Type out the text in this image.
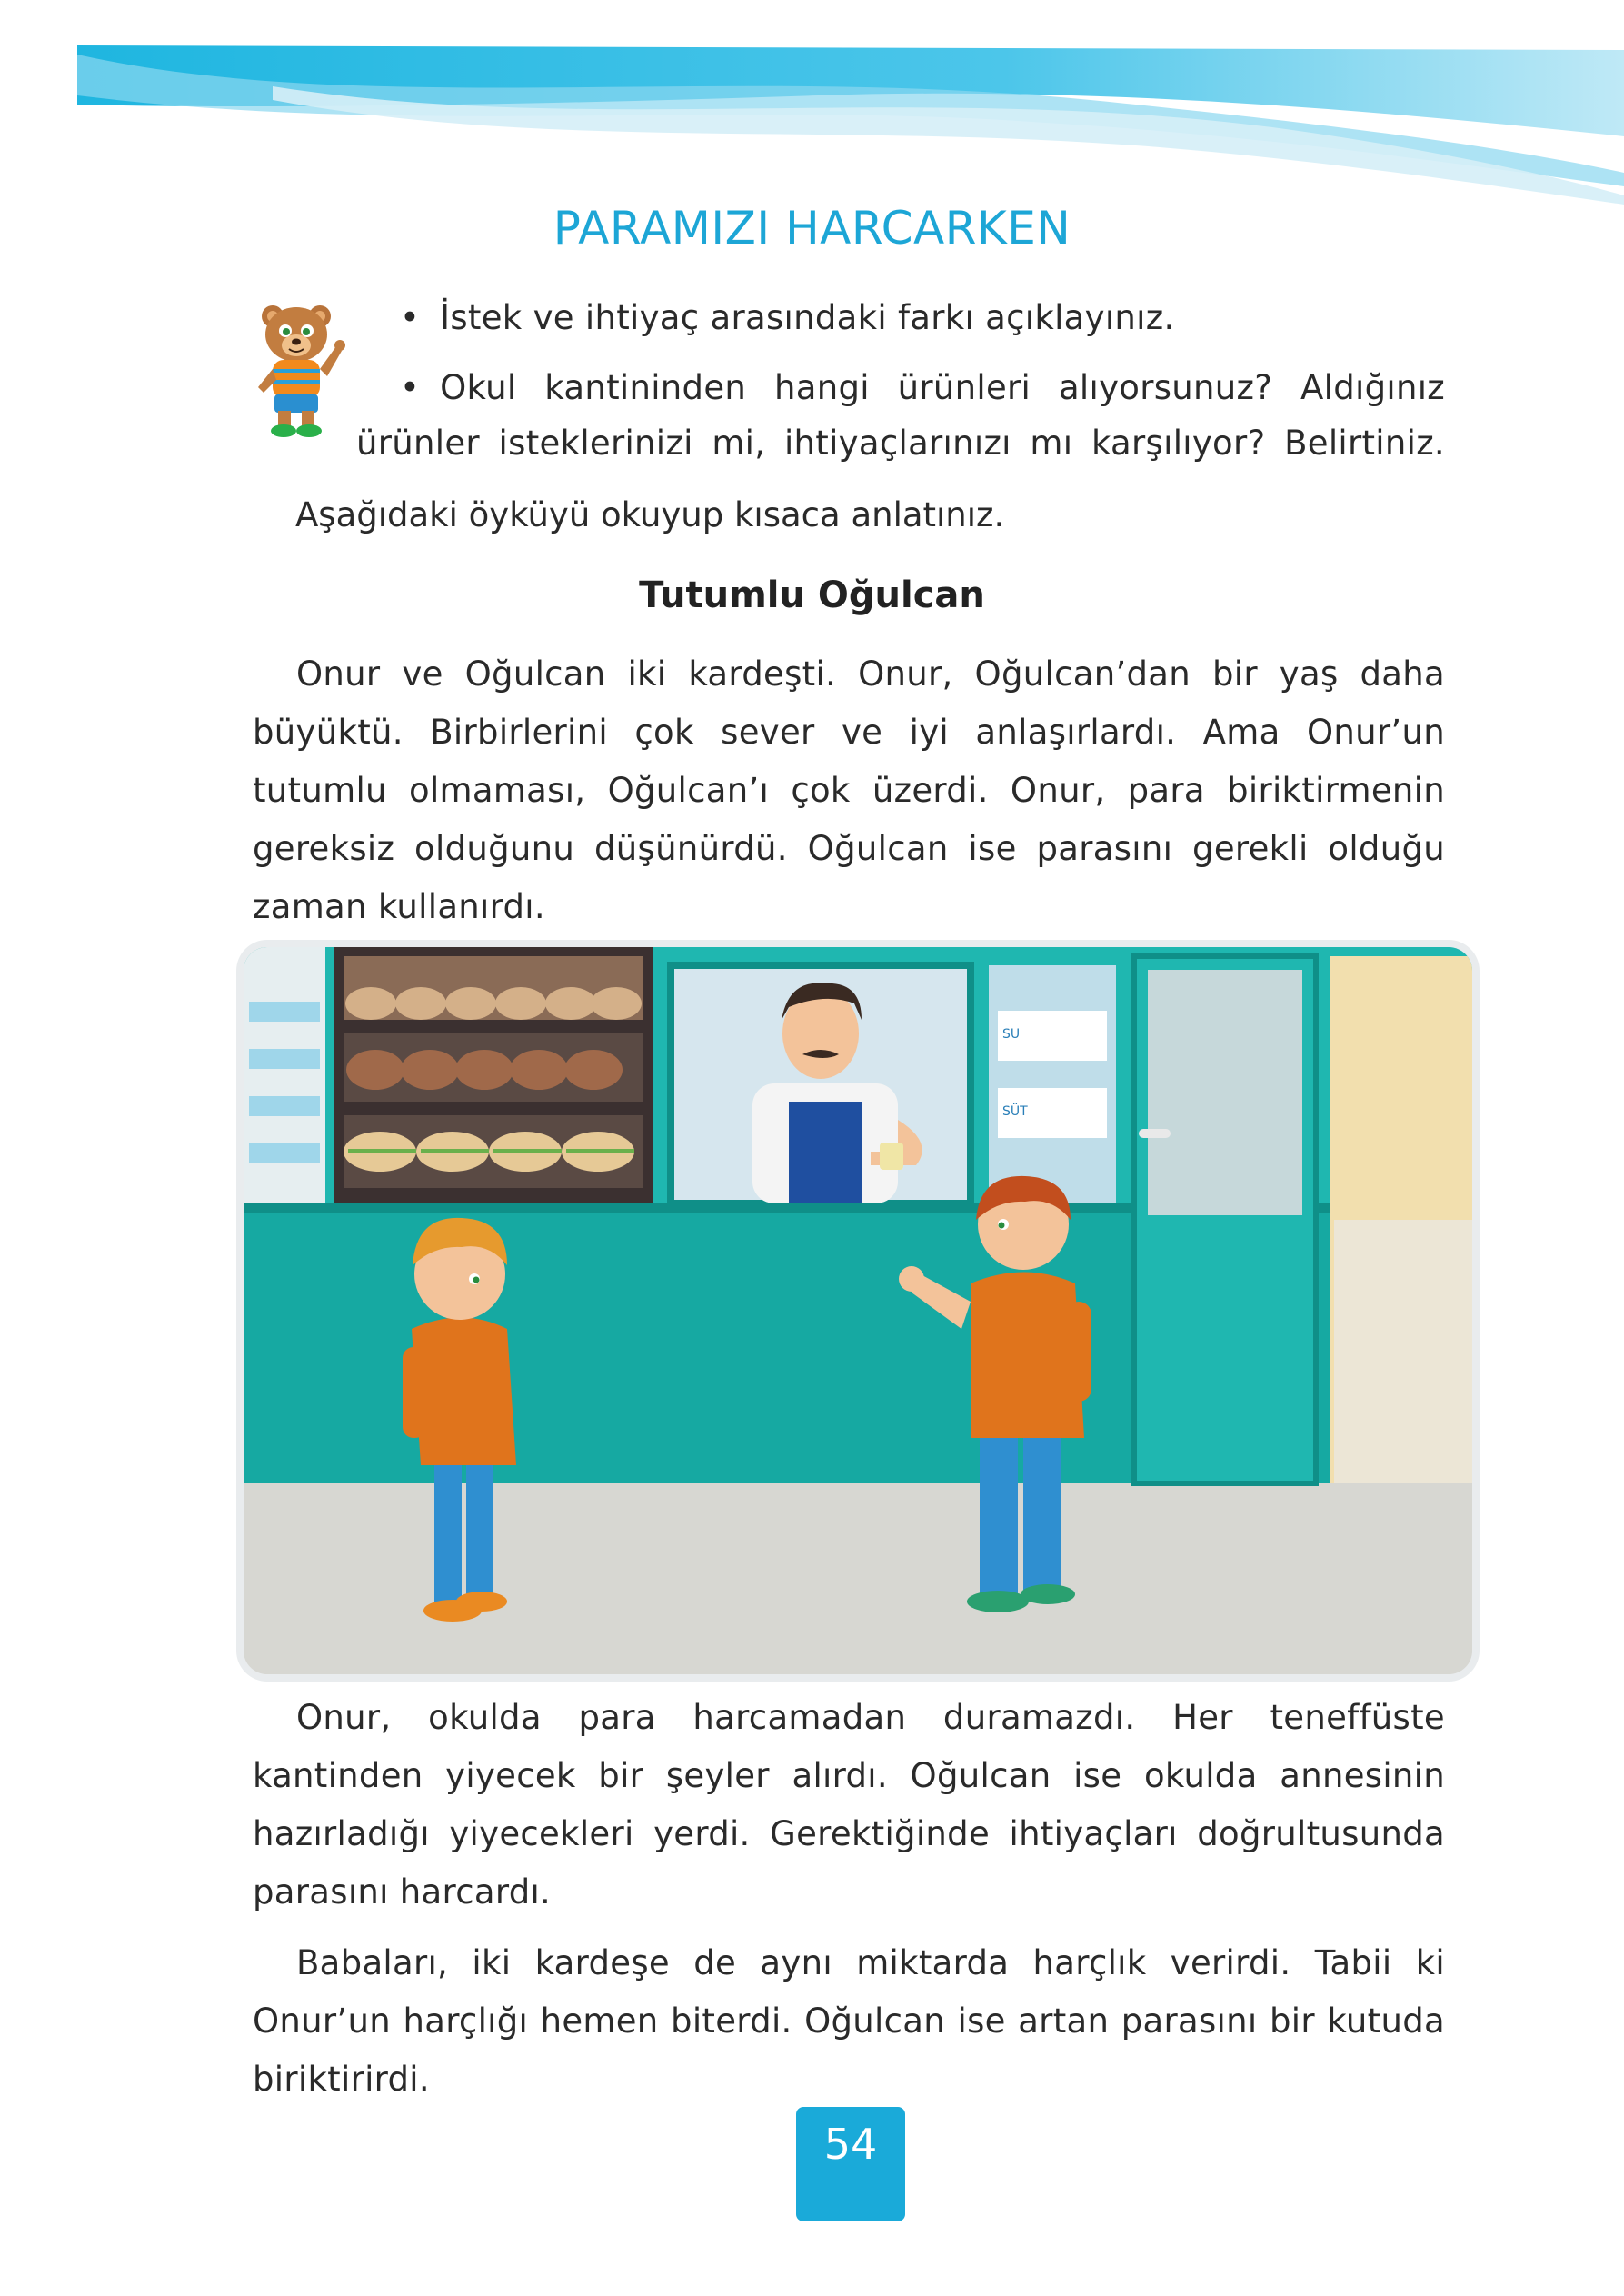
PARAMIZI HARCARKEN
• İstek ve ihtiyaç arasındaki farkı açıklayınız.
• Okul kantininden hangi ürünleri alıyorsunuz? Aldığınız
ürünler isteklerinizi mi, ihtiyaçlarınızı mı karşılıyor? Belirtiniz.
Aşağıdaki öyküyü okuyup kısaca anlatınız.
Tutumlu Oğulcan
Onur ve Oğulcan iki kardeşti. Onur, Oğulcan’dan bir yaş daha büyüktü. Birbirlerini çok sever ve iyi anlaşırlardı. Ama Onur’un tutumlu olmaması, Oğulcan’ı çok üzerdi. Onur, para biriktirmenin gereksiz olduğunu düşünürdü. Oğulcan ise parasını gerekli olduğu zaman kullanırdı.
SU
SÜT
Onur, okulda para harcamadan duramazdı. Her teneffüste kantinden yiyecek bir şeyler alırdı. Oğulcan ise okulda annesinin hazırladığı yiyecekleri yerdi. Gerektiğinde ihtiyaçları doğrultusunda parasını harcardı.
Babaları, iki kardeşe de aynı miktarda harçlık verirdi. Tabii ki Onur’un harçlığı hemen biterdi. Oğulcan ise artan parasını bir kutuda biriktirirdi.
54
